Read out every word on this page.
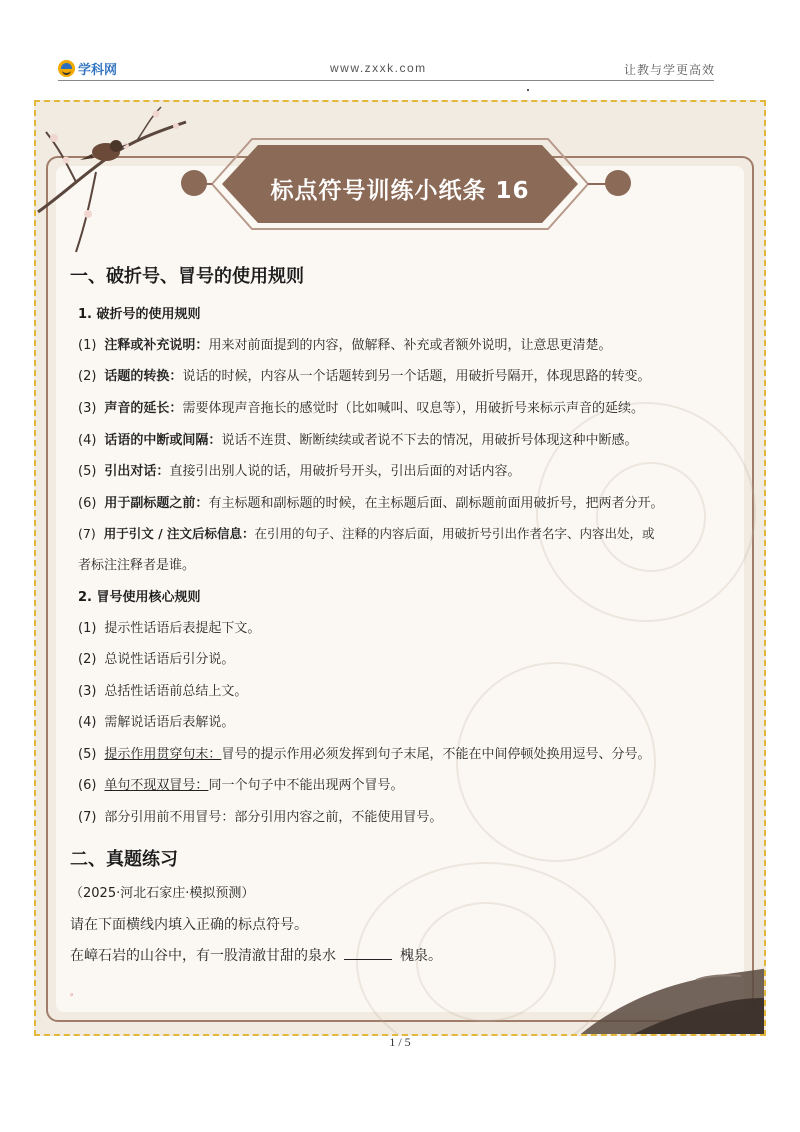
学科网	www.zxxk.com	让教与学更高效
标点符号训练小纸条 16
一、破折号、冒号的使用规则
1. 破折号的使用规则
(1) 注释或补充说明：用来对前面提到的内容，做解释、补充或者额外说明，让意思更清楚。
(2) 话题的转换：说话的时候，内容从一个话题转到另一个话题，用破折号隔开，体现思路的转变。
(3) 声音的延长：需要体现声音拖长的感觉时（比如喊叫、叹息等），用破折号来标示声音的延续。
(4) 话语的中断或间隔：说话不连贯、断断续续或者说不下去的情况，用破折号体现这种中断感。
(5) 引出对话：直接引出别人说的话，用破折号开头，引出后面的对话内容。
(6) 用于副标题之前：有主标题和副标题的时候，在主标题后面、副标题前面用破折号，把两者分开。
(7) 用于引文 / 注文后标信息：在引用的句子、注释的内容后面，用破折号引出作者名字、内容出处，或
者标注注释者是谁。
2. 冒号使用核心规则
(1) 提示性话语后表提起下文。
(2) 总说性话语后引分说。
(3) 总括性话语前总结上文。
(4) 需解说话语后表解说。
(5) 提示作用贯穿句末：冒号的提示作用必须发挥到句子末尾，不能在中间停顿处换用逗号、分号。
(6) 单句不现双冒号：同一个句子中不能出现两个冒号。
(7) 部分引用前不用冒号：部分引用内容之前，不能使用冒号。
二、真题练习
（2025·河北石家庄·模拟预测）
请在下面横线内填入正确的标点符号。
在嶂石岩的山谷中，有一股清澈甘甜的泉水	槐泉。
。
1 / 5
